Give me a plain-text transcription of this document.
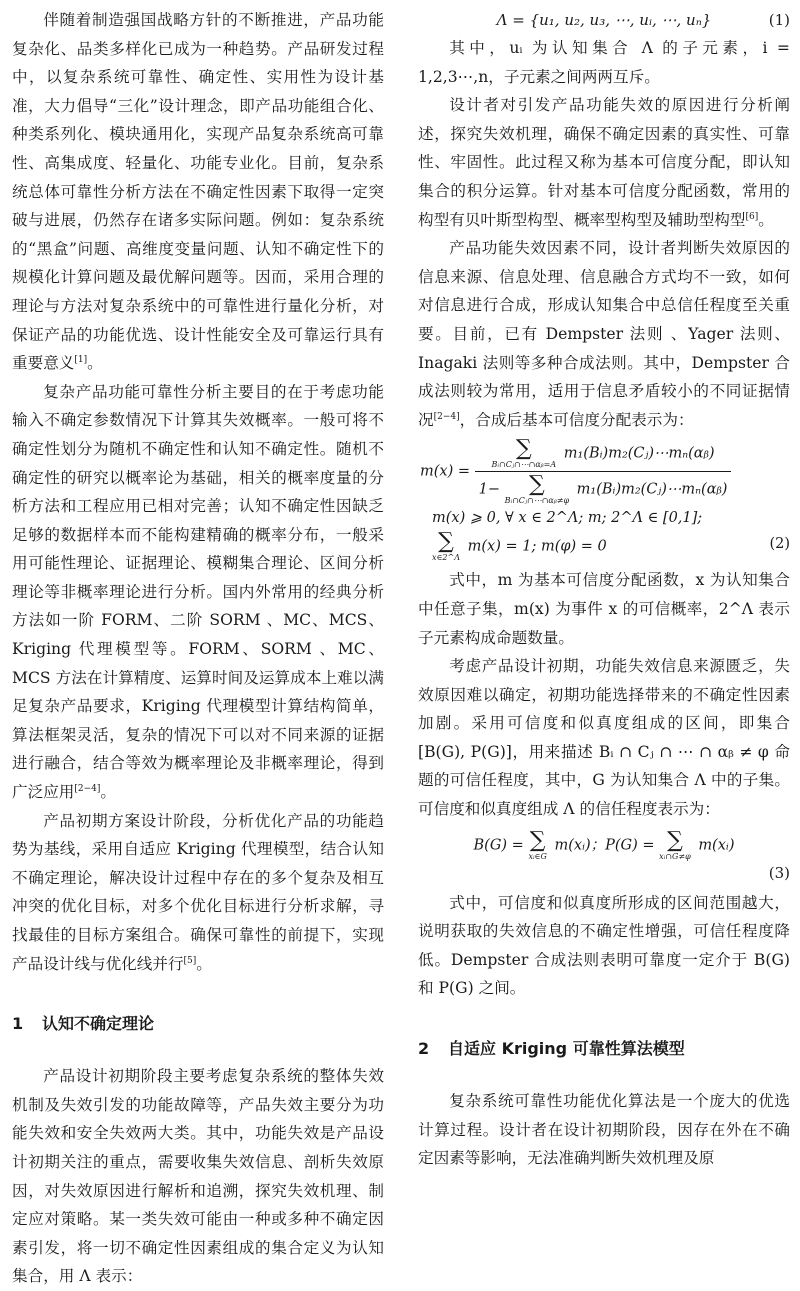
伴随着制造强国战略方针的不断推进，产品功能复杂化、品类多样化已成为一种趋势。产品研发过程中，以复杂系统可靠性、确定性、实用性为设计基准，大力倡导“三化”设计理念，即产品功能组合化、种类系列化、模块通用化，实现产品复杂系统高可靠性、高集成度、轻量化、功能专业化。目前，复杂系统总体可靠性分析方法在不确定性因素下取得一定突破与进展，仍然存在诸多实际问题。例如：复杂系统的“黑盒”问题、高维度变量问题、认知不确定性下的规模化计算问题及最优解问题等。因而，采用合理的理论与方法对复杂系统中的可靠性进行量化分析，对保证产品的功能优选、设计性能安全及可靠运行具有重要意义[1]。

复杂产品功能可靠性分析主要目的在于考虑功能输入不确定参数情况下计算其失效概率。一般可将不确定性划分为随机不确定性和认知不确定性。随机不确定性的研究以概率论为基础，相关的概率度量的分析方法和工程应用已相对完善；认知不确定性因缺乏足够的数据样本而不能构建精确的概率分布，一般采用可能性理论、证据理论、模糊集合理论、区间分析理论等非概率理论进行分析。国内外常用的经典分析方法如一阶 FORM、二阶 SORM 、MC、MCS、Kriging 代理模型等。FORM、SORM 、MC、MCS 方法在计算精度、运算时间及运算成本上难以满足复杂产品要求，Kriging 代理模型计算结构简单，算法框架灵活，复杂的情况下可以对不同来源的证据进行融合，结合等效为概率理论及非概率理论，得到广泛应用[2−4]。

产品初期方案设计阶段，分析优化产品的功能趋势为基线，采用自适应 Kriging 代理模型，结合认知不确定理论，解决设计过程中存在的多个复杂及相互冲突的优化目标，对多个优化目标进行分析求解，寻找最佳的目标方案组合。确保可靠性的前提下，实现产品设计线与优化线并行[5]。

1 认知不确定理论

产品设计初期阶段主要考虑复杂系统的整体失效机制及失效引发的功能故障等，产品失效主要分为功能失效和安全失效两大类。其中，功能失效是产品设计初期关注的重点，需要收集失效信息、剖析失效原因，对失效原因进行解析和追溯，探究失效机理、制定应对策略。某一类失效可能由一种或多种不确定因素引发，将一切不确定性因素组成的集合定义为认知集合，用 Λ 表示：

Λ = {u₁, u₂, u₃, ⋯, uᵢ, ⋯, uₙ}	(1)

其中，uᵢ 为认知集合 Λ 的子元素，i = 1,2,3⋯,n，子元素之间两两互斥。

设计者对引发产品功能失效的原因进行分析阐述，探究失效机理，确保不确定因素的真实性、可靠性、牢固性。此过程又称为基本可信度分配，即认知集合的积分运算。针对基本可信度分配函数，常用的构型有贝叶斯型构型、概率型构型及辅助型构型[6]。

产品功能失效因素不同，设计者判断失效原因的信息来源、信息处理、信息融合方式均不一致，如何对信息进行合成，形成认知集合中总信任程度至关重要。目前，已有 Dempster 法则 、Yager 法则、Inagaki 法则等多种合成法则。其中，Dempster 合成法则较为常用，适用于信息矛盾较小的不同证据情况[2−4]，合成后基本可信度分配表示为：

m(x) = ∑
Bᵢ∩Cⱼ∩⋯∩αᵦ=A
m₁(Bᵢ)m₂(Cⱼ)⋯mₙ(αᵦ)
1−	∑
Bᵢ∩Cⱼ∩⋯∩αᵦ≠φ
m₁(Bᵢ)m₂(Cⱼ)⋯mₙ(αᵦ)
m(x) ⩾ 0, ∀ x ∈ 2^Λ; m; 2^Λ ∈ [0,1];
∑
x∈2^Λ
m(x) = 1; m(φ) = 0	(2)

式中，m 为基本可信度分配函数，x 为认知集合中任意子集，m(x) 为事件 x 的可信概率，2^Λ 表示子元素构成命题数量。

考虑产品设计初期，功能失效信息来源匮乏，失效原因难以确定，初期功能选择带来的不确定性因素加剧。采用可信度和似真度组成的区间，即集合 [B(G), P(G)]，用来描述 Bᵢ ∩ Cⱼ ∩ ⋯ ∩ αᵦ ≠ φ 命题的可信任程度，其中，G 为认知集合 Λ 中的子集。可信度和似真度组成 Λ 的信任程度表示为：

B(G) = ∑
xᵢ∈G
m(xᵢ)；P(G) = ∑
xᵢ∩G≠φ
m(xᵢ)
(3)

式中，可信度和似真度所形成的区间范围越大，说明获取的失效信息的不确定性增强，可信任程度降低。Dempster 合成法则表明可靠度一定介于 B(G) 和 P(G) 之间。

2 自适应 Kriging 可靠性算法模型

复杂系统可靠性功能优化算法是一个庞大的优选计算过程。设计者在设计初期阶段，因存在外在不确定因素等影响，无法准确判断失效机理及原
